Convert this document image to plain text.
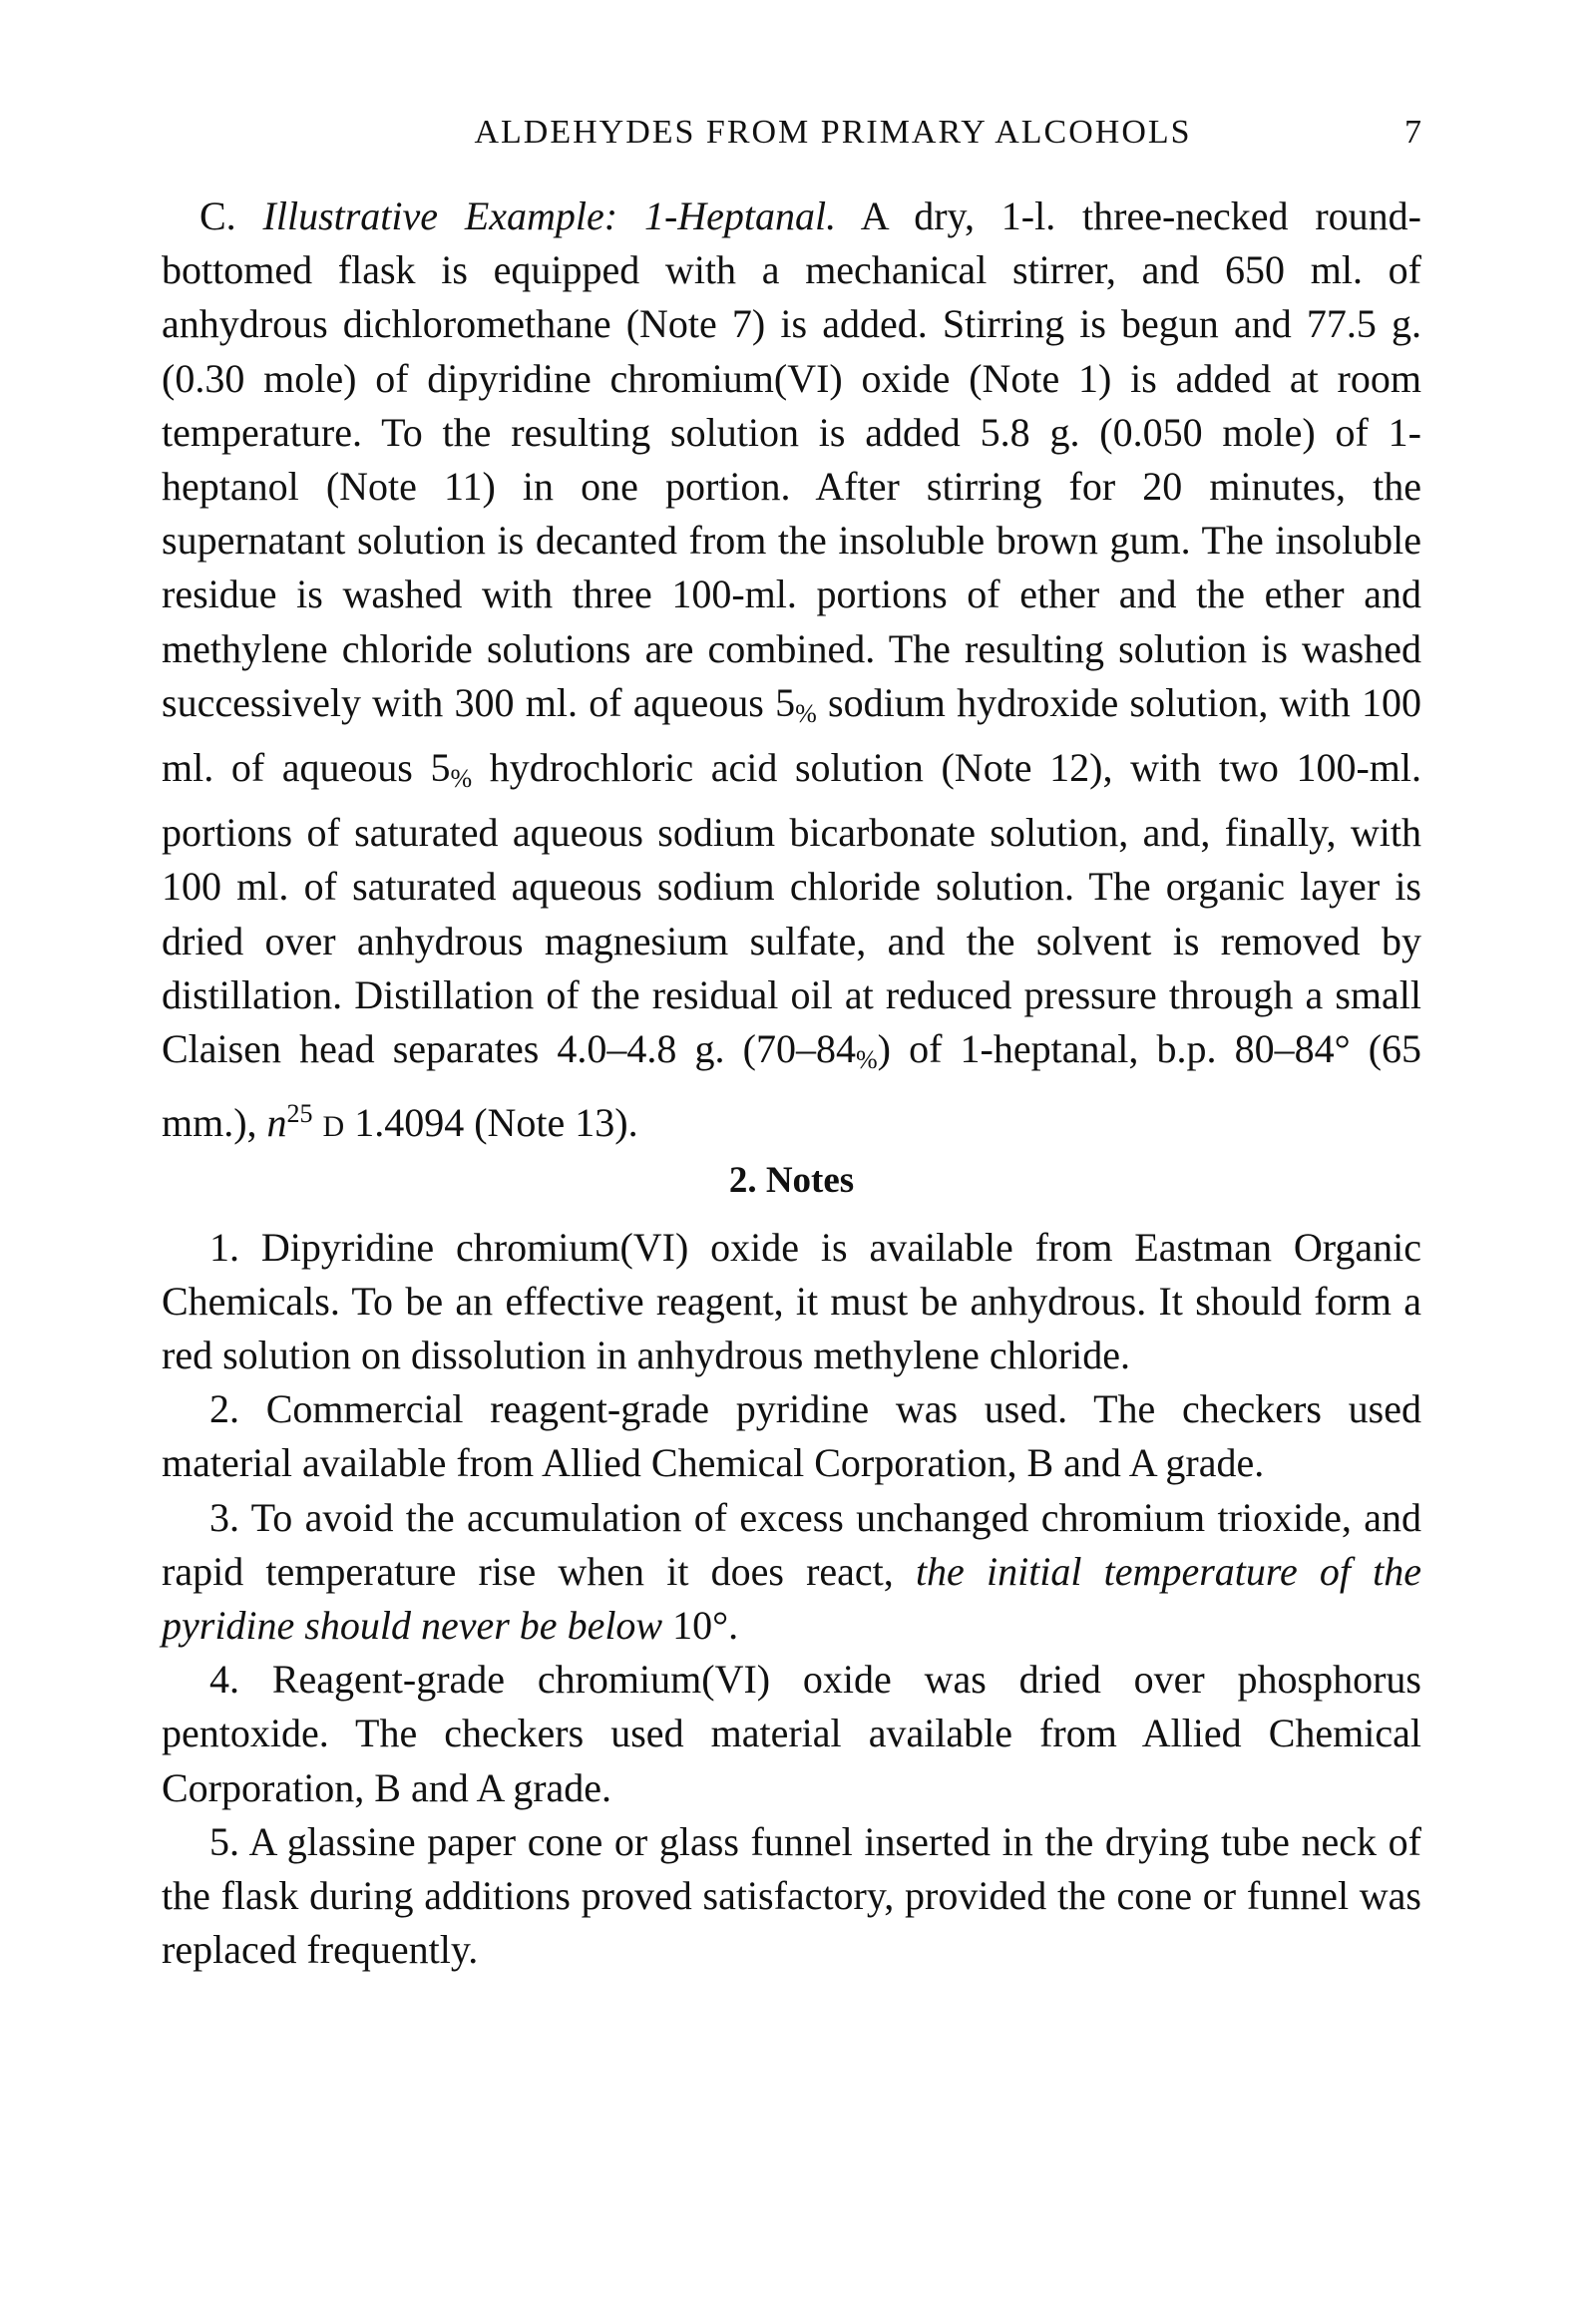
ALDEHYDES FROM PRIMARY ALCOHOLS	7

C. Illustrative Example: 1-Heptanal. A dry, 1-l. three-necked round-bottomed flask is equipped with a mechanical stirrer, and 650 ml. of anhydrous dichloromethane (Note 7) is added. Stirring is begun and 77.5 g. (0.30 mole) of dipyridine chromium(VI) oxide (Note 1) is added at room temperature. To the resulting solution is added 5.8 g. (0.050 mole) of 1-heptanol (Note 11) in one portion. After stirring for 20 minutes, the supernatant solution is decanted from the insoluble brown gum. The insoluble residue is washed with three 100-ml. portions of ether and the ether and methylene chloride solutions are combined. The resulting solution is washed successively with 300 ml. of aqueous $5_{\%}$ sodium hydroxide solution, with 100 ml. of aqueous $5_{\%}$ hydrochloric acid solution (Note 12), with two 100-ml. portions of saturated aqueous sodium bicarbonate solution, and, finally, with 100 ml. of saturated aqueous sodium chloride solution. The organic layer is dried over anhydrous magnesium sulfate, and the solvent is removed by distillation. Distillation of the residual oil at reduced pressure through a small Claisen head separates 4.0–4.8 g. $(70-84_{\%})$ of 1-heptanal, b.p. 80–84° (65 mm.), $n^{25}$ D 1.4094 (Note 13).

2. Notes

1. Dipyridine chromium(VI) oxide is available from Eastman Organic Chemicals. To be an effective reagent, it must be anhydrous. It should form a red solution on dissolution in anhydrous methylene chloride.

2. Commercial reagent-grade pyridine was used. The checkers used material available from Allied Chemical Corporation, B and A grade.

3. To avoid the accumulation of excess unchanged chromium trioxide, and rapid temperature rise when it does react, the initial temperature of the pyridine should never be below 10°.

4. Reagent-grade chromium(VI) oxide was dried over phosphorus pentoxide. The checkers used material available from Allied Chemical Corporation, B and A grade.

5. A glassine paper cone or glass funnel inserted in the drying tube neck of the flask during additions proved satisfactory, provided the cone or funnel was replaced frequently.
